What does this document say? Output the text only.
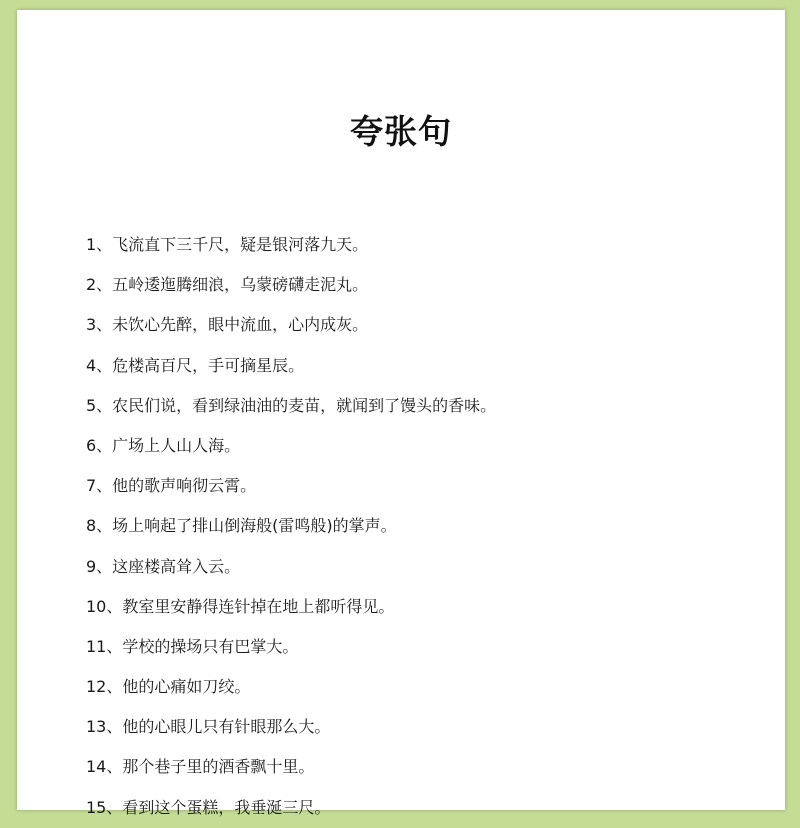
夸张句
1、飞流直下三千尺，疑是银河落九天。
2、五岭逶迤腾细浪，乌蒙磅礴走泥丸。
3、未饮心先醉，眼中流血，心内成灰。
4、危楼高百尺，手可摘星辰。
5、农民们说，看到绿油油的麦苗，就闻到了馒头的香味。
6、广场上人山人海。
7、他的歌声响彻云霄。
8、场上响起了排山倒海般(雷鸣般)的掌声。
9、这座楼高耸入云。
10、教室里安静得连针掉在地上都听得见。
11、学校的操场只有巴掌大。
12、他的心痛如刀绞。
13、他的心眼儿只有针眼那么大。
14、那个巷子里的酒香飘十里。
15、看到这个蛋糕，我垂涎三尺。
